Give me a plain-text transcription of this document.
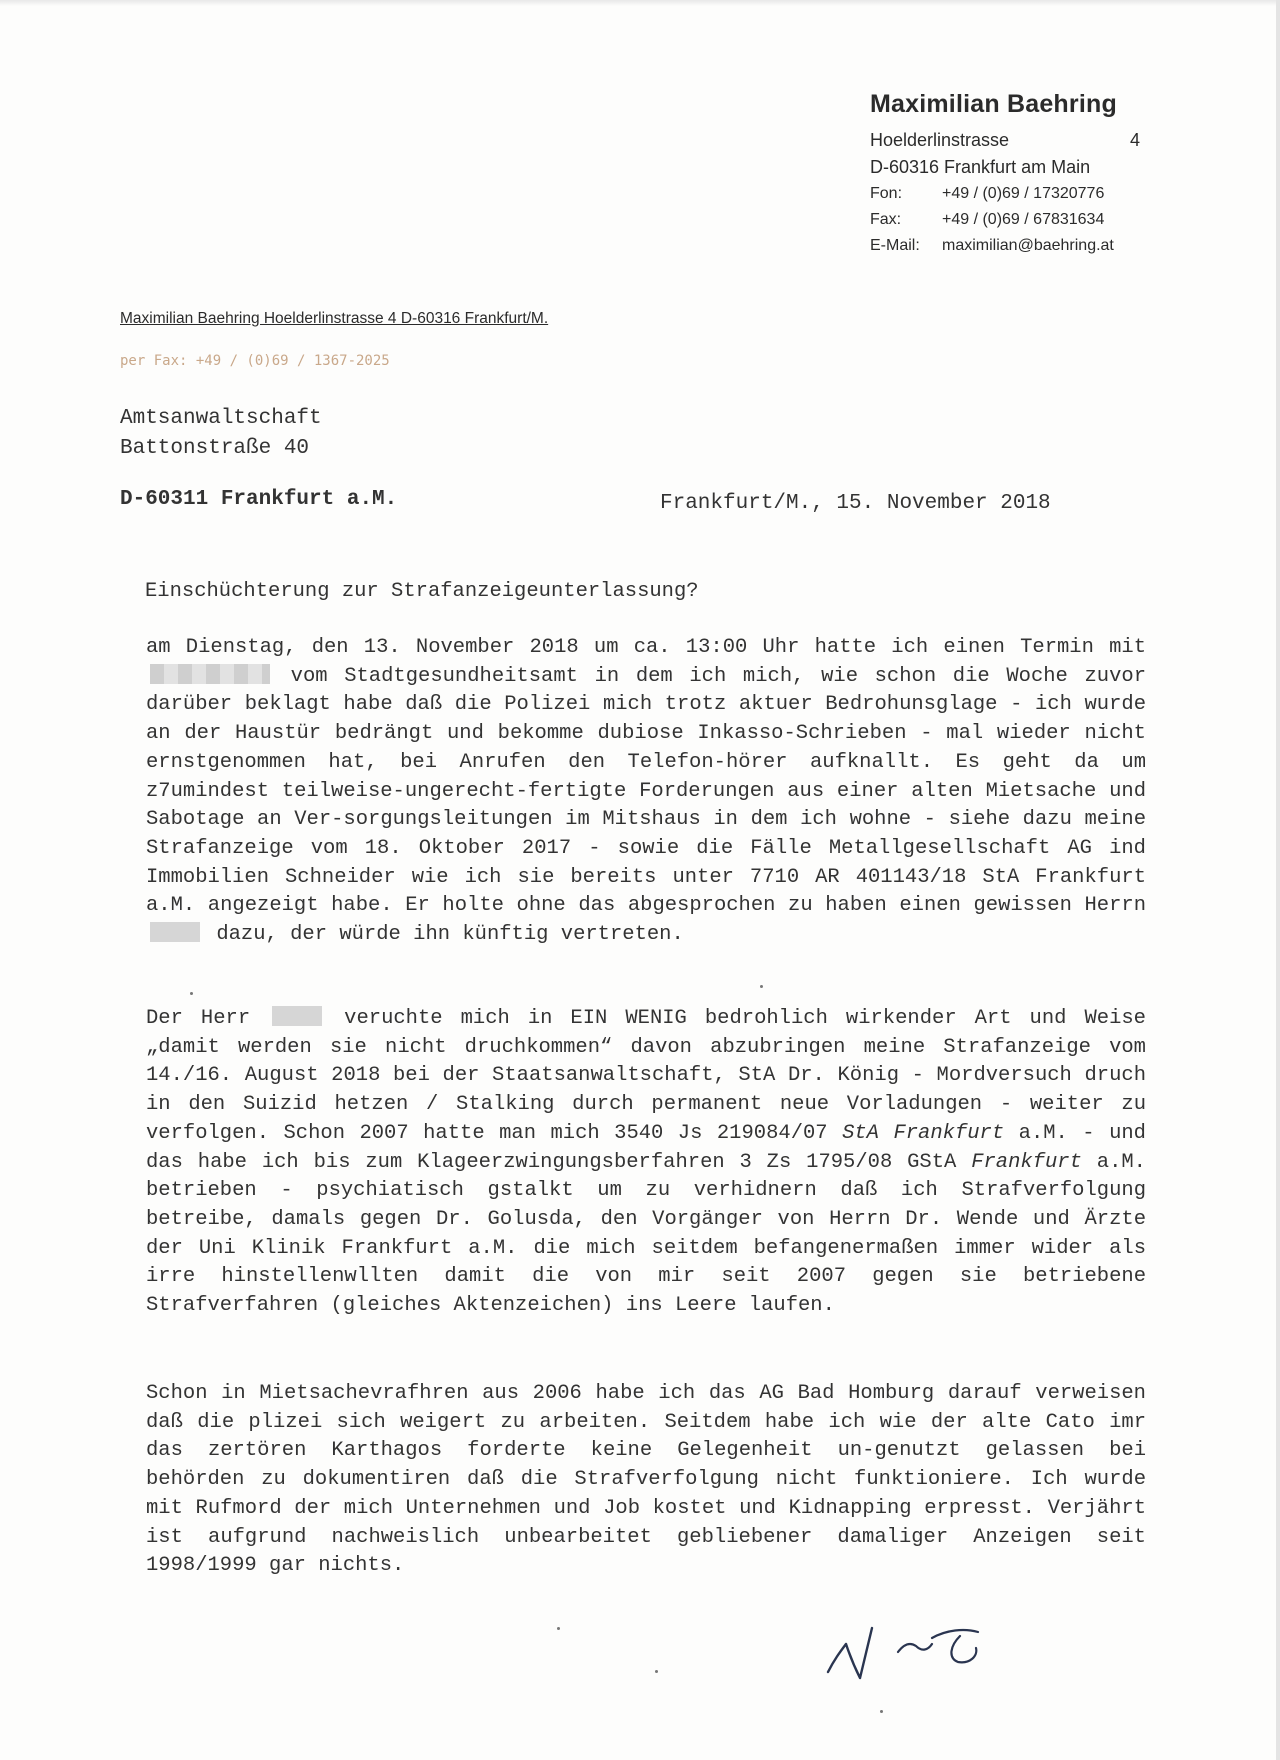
Maximilian Baehring
Hoelderlinstrasse	4
D-60316 Frankfurt am Main
Fon:	+49 / (0)69 / 17320776
Fax:	+49 / (0)69 / 67831634
E-Mail:	maximilian@baehring.at
Maximilian Baehring Hoelderlinstrasse 4 D-60316 Frankfurt/M.
per Fax: +49 / (0)69 / 1367-2025
Amtsanwaltschaft
Battonstraße 40
D-60311 Frankfurt a.M.	Frankfurt/M., 15. November 2018
Einschüchterung zur Strafanzeigeunterlassung?
am Dienstag, den 13. November 2018 um ca. 13:00 Uhr hatte ich einen Termin mit  vom Stadtgesundheitsamt in dem ich mich, wie schon die Woche zuvor darüber beklagt habe daß die Polizei mich trotz aktuer Bedrohunsglage - ich wurde an der Haustür bedrängt und bekomme dubiose Inkasso-Schrieben - mal wieder nicht ernstgenommen hat, bei Anrufen den Telefon-hörer aufknallt. Es geht da um z7umindest teilweise-ungerecht-fertigte Forderungen aus einer alten Mietsache und Sabotage an Ver-sorgungsleitungen im Mitshaus in dem ich wohne - siehe dazu meine Strafanzeige vom 18. Oktober 2017 - sowie die Fälle Metallgesellschaft AG ind Immobilien Schneider wie ich sie bereits unter 7710 AR 401143/18 StA Frankfurt a.M. angezeigt habe. Er holte ohne das abgesprochen zu haben einen gewissen Herrn  dazu, der würde ihn künftig vertreten.
Der Herr	veruchte mich in EIN WENIG bedrohlich wirkender Art und Weise „damit werden sie nicht druchkommen“ davon abzubringen meine Strafanzeige vom 14./16. August 2018 bei der Staatsanwaltschaft, StA Dr. König - Mordversuch druch in den Suizid hetzen / Stalking durch permanent neue Vorladungen - weiter zu verfolgen. Schon 2007 hatte man mich 3540 Js 219084/07 StA Frankfurt a.M. - und das habe ich bis zum Klageerzwingungsberfahren 3 Zs 1795/08 GStA Frankfurt a.M. betrieben - psychiatisch gstalkt um zu verhidnern daß ich Strafverfolgung betreibe, damals gegen Dr. Golusda, den Vorgänger von Herrn Dr. Wende und Ärzte der Uni Klinik Frankfurt a.M. die mich seitdem befangenermaßen immer wider als irre hinstellenwllten damit die von mir seit 2007 gegen sie betriebene Strafverfahren (gleiches Aktenzeichen) ins Leere laufen.
Schon in Mietsachevrafhren aus 2006 habe ich das AG Bad Homburg darauf verweisen daß die plizei sich weigert zu arbeiten. Seitdem habe ich wie der alte Cato imr das zertören Karthagos forderte keine Gelegenheit un-genutzt gelassen bei behörden zu dokumentiren daß die Strafverfolgung nicht funktioniere. Ich wurde mit Rufmord der mich Unternehmen und Job kostet und Kidnapping erpresst. Verjährt ist aufgrund nachweislich unbearbeitet gebliebener damaliger Anzeigen seit 1998/1999 gar nichts.
